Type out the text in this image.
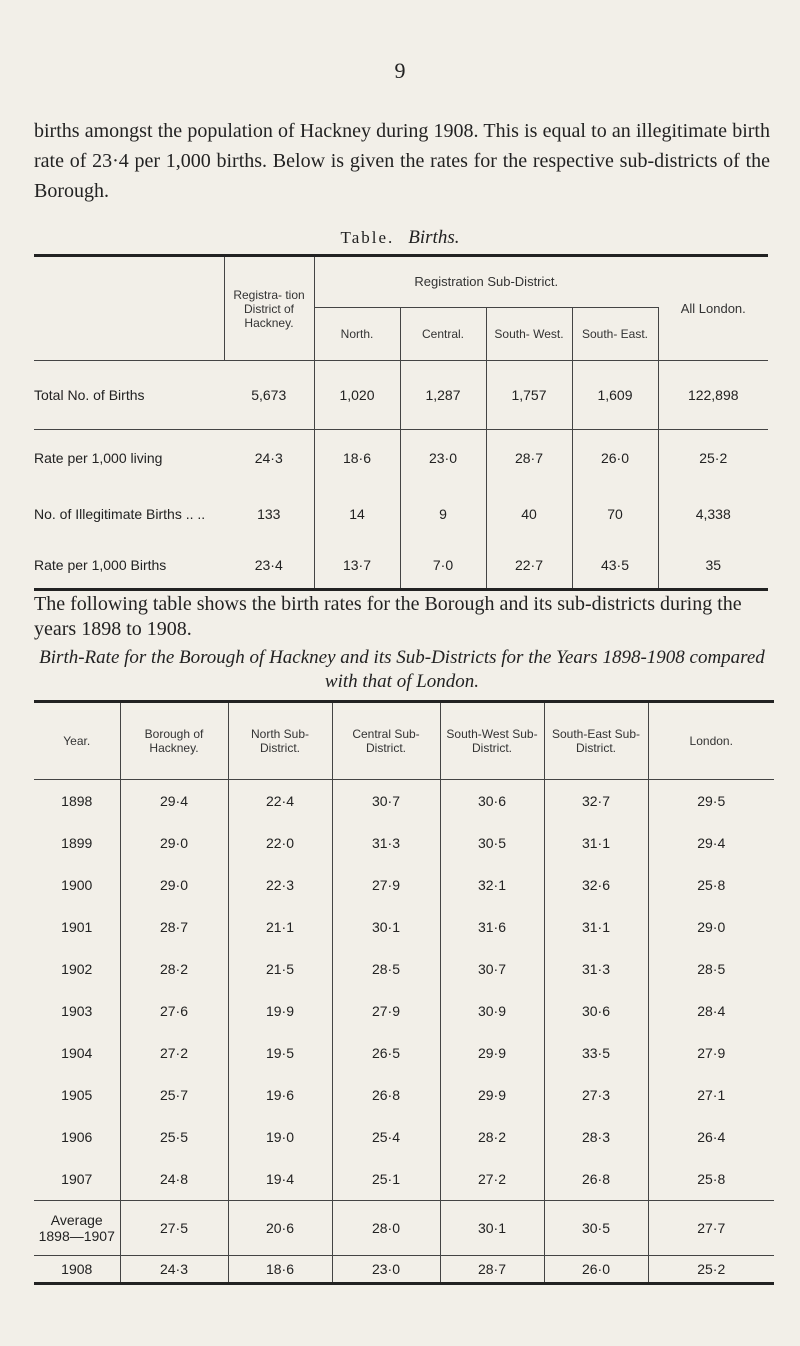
9
births amongst the population of Hackney during 1908. This is equal to an illegitimate birth rate of 23·4 per 1,000 births. Below is given the rates for the respective sub-districts of the Borough.
Table. Births.
	Registra- tion District of Hackney.	Registration Sub-District.				All London.
		North.	Central.	South- West.	South- East.	
Total No. of Births	5,673	1,020	1,287	1,757	1,609	122,898
Rate per 1,000 living	24·3	18·6	23·0	28·7	26·0	25·2
No. of Illegitimate Births .. ..	133	14	9	40	70	4,338
Rate per 1,000 Births	23·4	13·7	7·0	22·7	43·5	35
The following table shows the birth rates for the Borough and its sub-districts during the years 1898 to 1908.
Birth-Rate for the Borough of Hackney and its Sub-Districts for the Years 1898-1908 compared with that of London.
Year.	Borough of Hackney.	North Sub- District.	Central Sub- District.	South-West Sub- District.	South-East Sub- District.	London.
1898	29·4	22·4	30·7	30·6	32·7	29·5
1899	29·0	22·0	31·3	30·5	31·1	29·4
1900	29·0	22·3	27·9	32·1	32·6	25·8
1901	28·7	21·1	30·1	31·6	31·1	29·0
1902	28·2	21·5	28·5	30·7	31·3	28·5
1903	27·6	19·9	27·9	30·9	30·6	28·4
1904	27·2	19·5	26·5	29·9	33·5	27·9
1905	25·7	19·6	26·8	29·9	27·3	27·1
1906	25·5	19·0	25·4	28·2	28·3	26·4
1907	24·8	19·4	25·1	27·2	26·8	25·8
Average 1898—1907	27·5	20·6	28·0	30·1	30·5	27·7
1908	24·3	18·6	23·0	28·7	26·0	25·2
